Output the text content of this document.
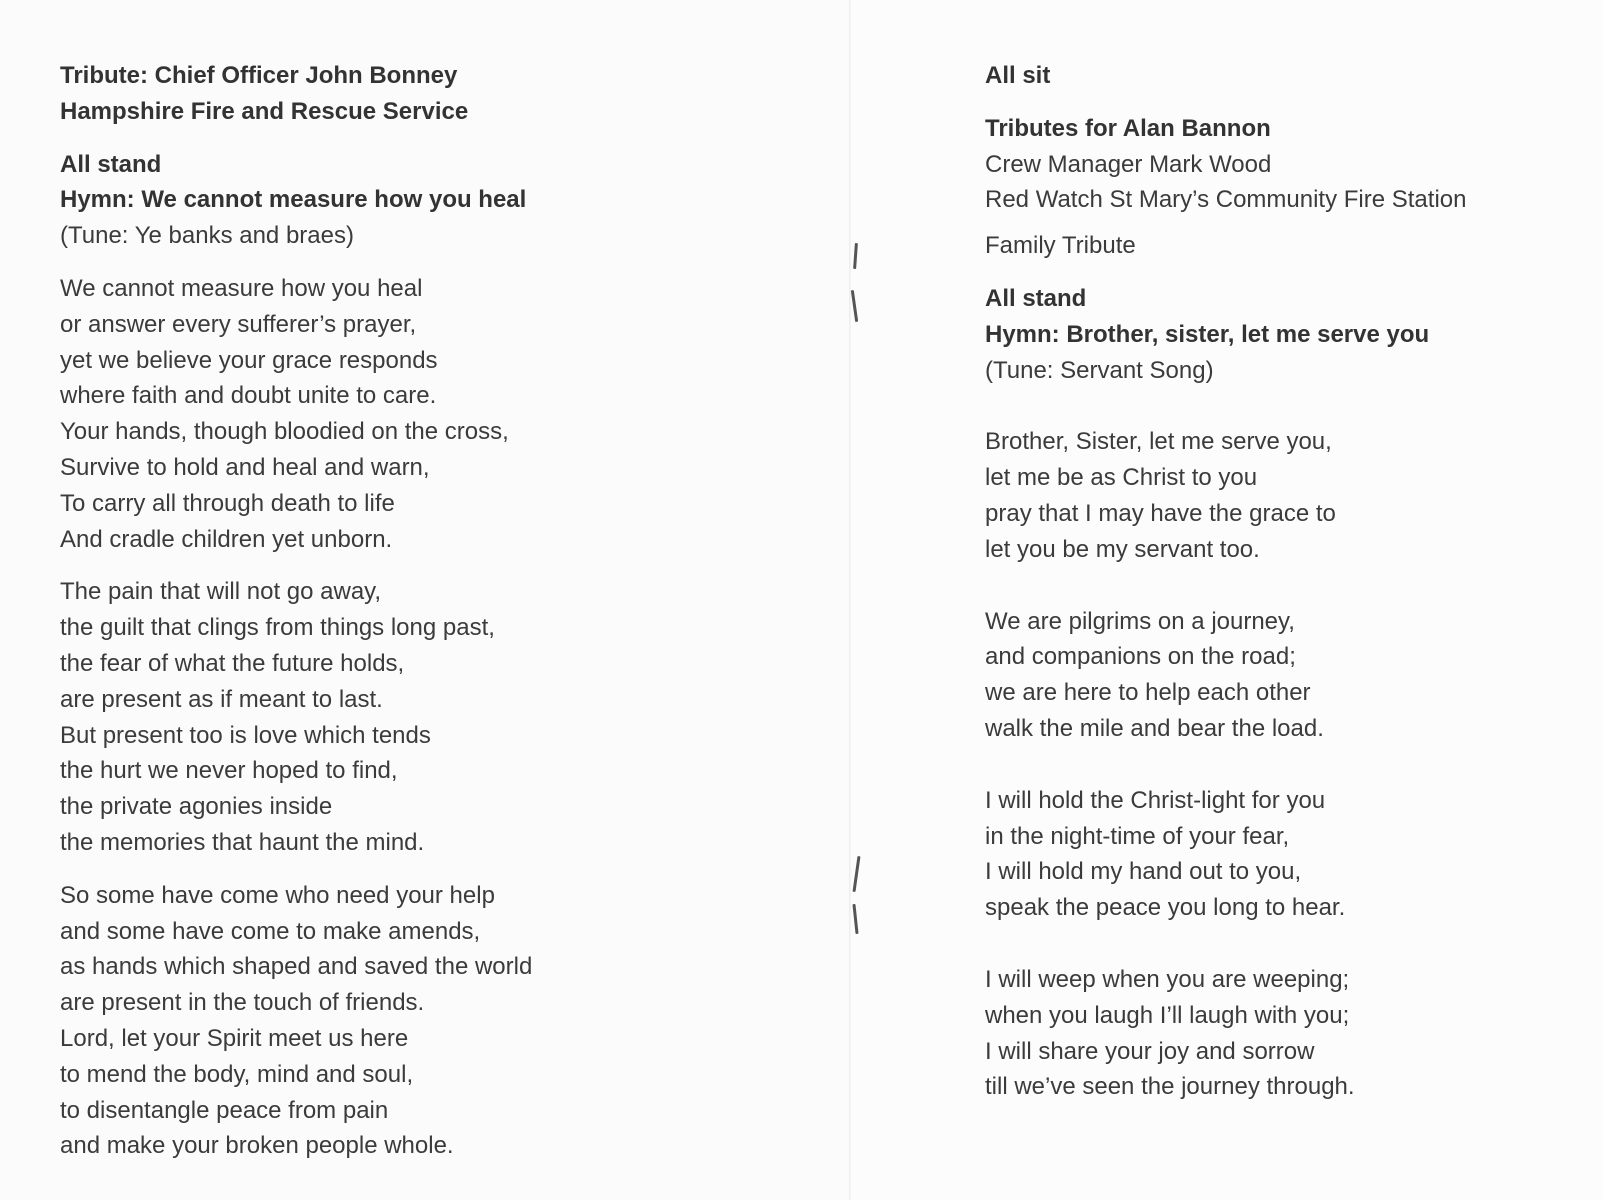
Tribute: Chief Officer John Bonney
Hampshire Fire and Rescue Service
All stand
Hymn: We cannot measure how you heal
(Tune: Ye banks and braes)
We cannot measure how you heal
or answer every sufferer’s prayer,
yet we believe your grace responds
where faith and doubt unite to care.
Your hands, though bloodied on the cross,
Survive to hold and heal and warn,
To carry all through death to life
And cradle children yet unborn.
The pain that will not go away,
the guilt that clings from things long past,
the fear of what the future holds,
are present as if meant to last.
But present too is love which tends
the hurt we never hoped to find,
the private agonies inside
the memories that haunt the mind.
So some have come who need your help
and some have come to make amends,
as hands which shaped and saved the world
are present in the touch of friends.
Lord, let your Spirit meet us here
to mend the body, mind and soul,
to disentangle peace from pain
and make your broken people whole.
All sit
Tributes for Alan Bannon
Crew Manager Mark Wood
Red Watch St Mary’s Community Fire Station
Family Tribute
All stand
Hymn: Brother, sister, let me serve you
(Tune: Servant Song)
Brother, Sister, let me serve you,
let me be as Christ to you
pray that I may have the grace to
let you be my servant too.
We are pilgrims on a journey,
and companions on the road;
we are here to help each other
walk the mile and bear the load.
I will hold the Christ-light for you
in the night-time of your fear,
I will hold my hand out to you,
speak the peace you long to hear.
I will weep when you are weeping;
when you laugh I’ll laugh with you;
I will share your joy and sorrow
till we’ve seen the journey through.
